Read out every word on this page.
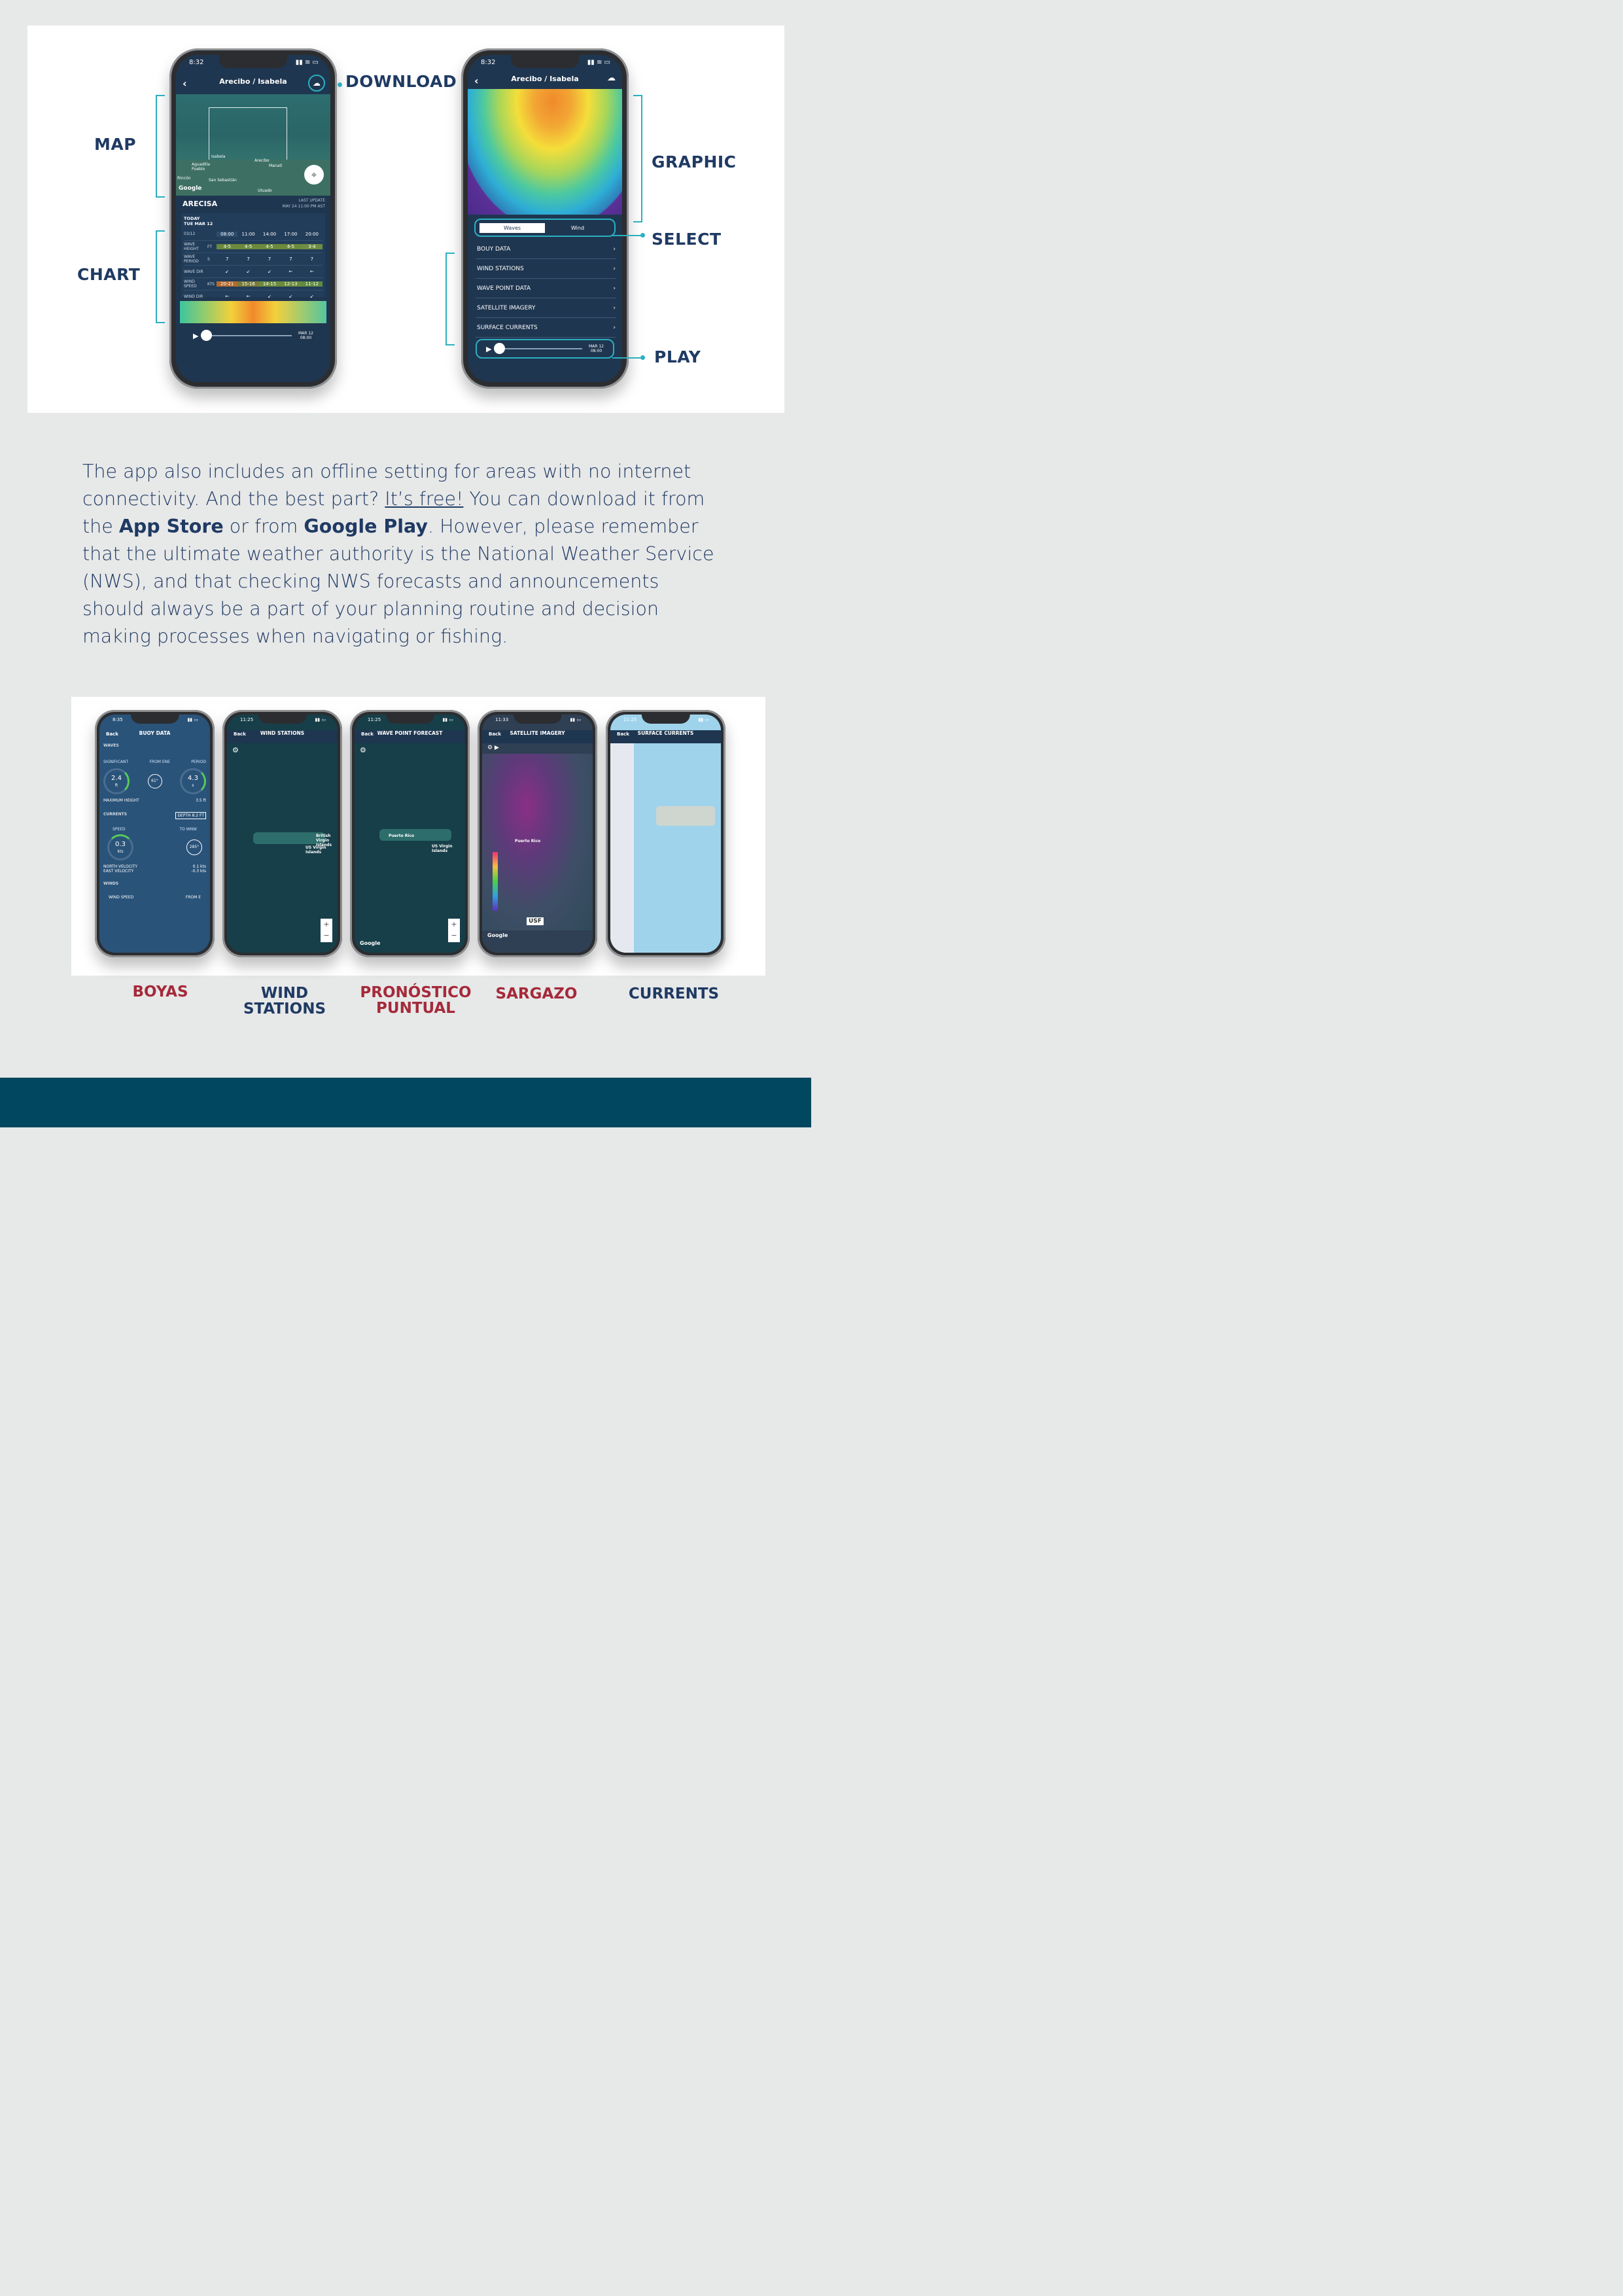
8:32	▮▮ ≋ ▭
‹	Arecibo / Isabela	☁
Isabela
Arecibo
Aguadilla Pueblo
Manatí
Rincón	San Sebastián
Utuado
Google
⌖
ARECISA	LAST UPDATE
MAY 24 11:00 PM AST
TODAY
TUE MAR 12
03/12	08:00	11:00	14:00	17:00	20:00
WAVE HEIGHT	FT	4-5	4-5	4-5	4-5	3-4
WAVE PERIOD	S	7	7	7	7	7
WAVE DIR	↙	↙	↙	←	←
WIND SPEED	KTS	20-21	15-16	14-15	12-13	11-12
WIND DIR	←	←	↙	↙	↙
▶	MAR 12
08:00
8:32	▮▮ ≋ ▭
‹	Arecibo / Isabela	☁
Waves	Wind
BOUY DATA	›
WIND STATIONS	›
WAVE POINT DATA	›
SATELLITE IMAGERY	›
SURFACE CURRENTS	›
▶	MAR 12
08:00
DOWNLOAD
MAP
CHART
GRAPHIC
SELECT
PLAY
The app also includes an offline setting for areas with no internet connectivity. And the best part? It’s free! You can download it from the App Store or from Google Play. However, please remember that the ultimate weather authority is the National Weather Service (NWS), and that checking NWS forecasts and announcements should always be a part of your planning routine and decision making processes when navigating or fishing.
8:35	▮▮ ▭
Back	BUOY DATA
WAVES
SIGNIFICANT	FROM ENE	PERIOD
2.4
ft
61°	4.3
s
MAXIMUM HEIGHT	3.5 ft
CURRENTS	DEPTH 8.2 FT
SPEED	TO WNW
0.3
kts
285°
NORTH VELOCITY	0.1 kts
EAST VELOCITY	-0.3 kts
WINDS
WIND SPEED	FROM E
11:25	▮▮ ▭
Back	WIND STATIONS
⚙
US Virgin Islands
British Virgin Islands
+
−
11:25	▮▮ ▭
Back WAVE POINT FORECAST
⚙
Puerto Rico
US Virgin Islands
+
−
Google
11:33	▮▮ ▭
Back SATELLITE IMAGERY
⚙ ▶
Puerto Rico
USF
Google
11:25	▮▮ ▭
Back SURFACE CURRENTS
BOYAS	WIND
STATIONS
PRONÓSTICO
PUNTUAL
SARGAZO	CURRENTS
